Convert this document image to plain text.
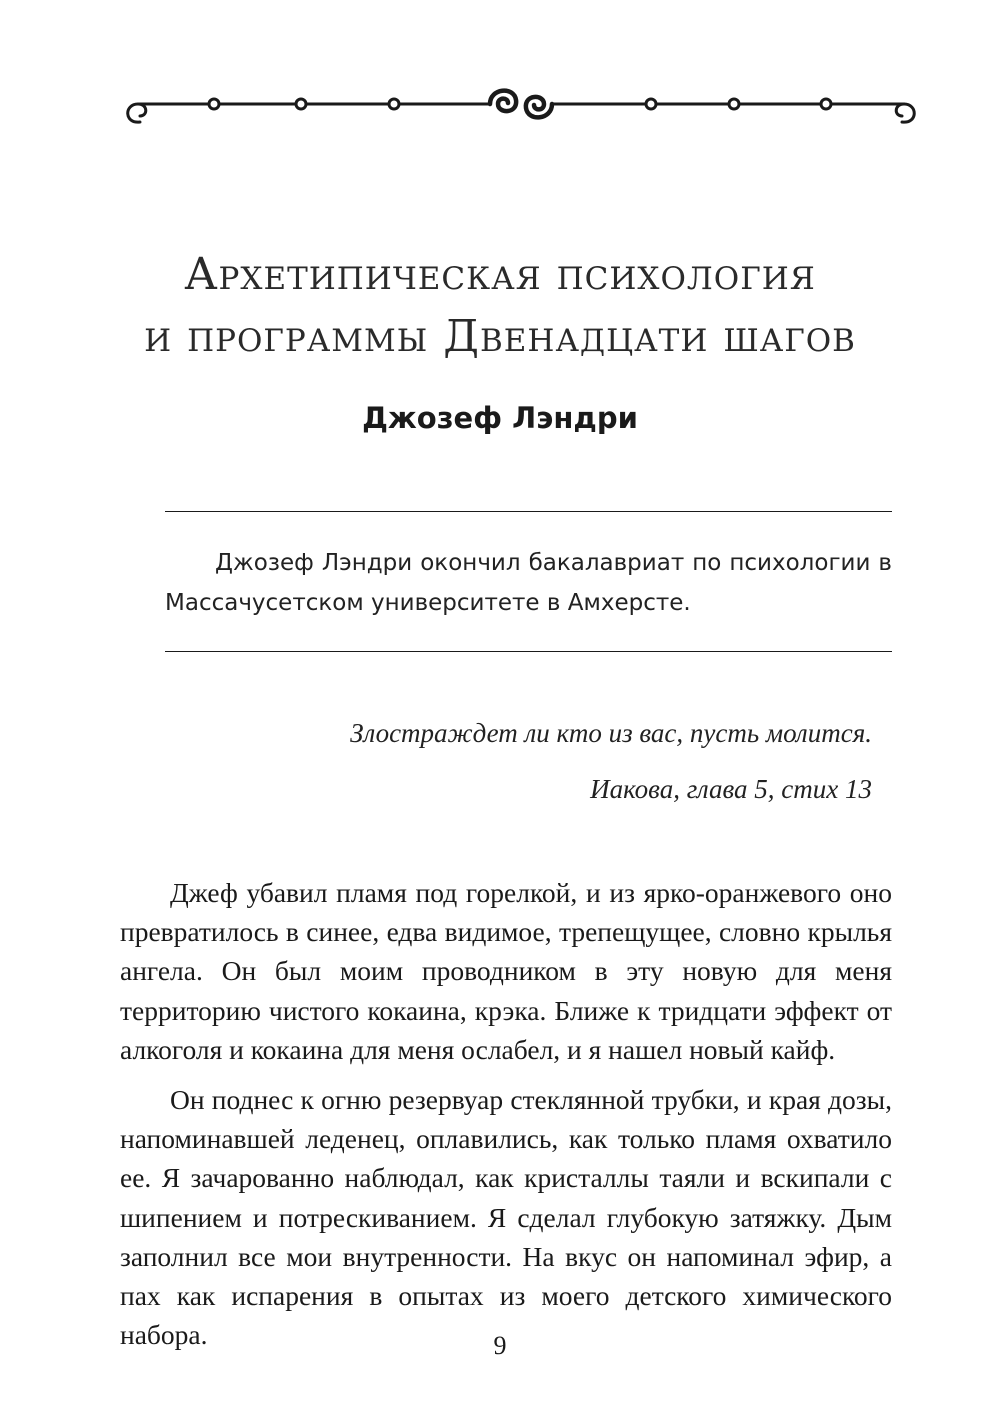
Архетипическая психология
и программы Двенадцати шагов
Джозеф Лэндри

Джозеф Лэндри окончил бакалавриат по психологии в Массачусетском университете в Амхерсте.

Злостраждет ли кто из вас, пусть молится.

Иакова, глава 5, стих 13

Джеф убавил пламя под горелкой, и из ярко-оранжевого оно превратилось в синее, едва видимое, трепещущее, словно крылья ангела. Он был моим проводником в эту новую для меня территорию чистого кокаина, крэка. Ближе к тридцати эффект от алкоголя и кокаина для меня ослабел, и я нашел новый кайф.

Он поднес к огню резервуар стеклянной трубки, и края дозы, напоминавшей леденец, оплавились, как только пламя охватило ее. Я зачарованно наблюдал, как кристаллы таяли и вскипали с шипением и потрескиванием. Я сделал глубокую затяжку. Дым заполнил все мои внутренности. На вкус он напоминал эфир, а пах как испарения в опытах из моего детского химического набора.	9
